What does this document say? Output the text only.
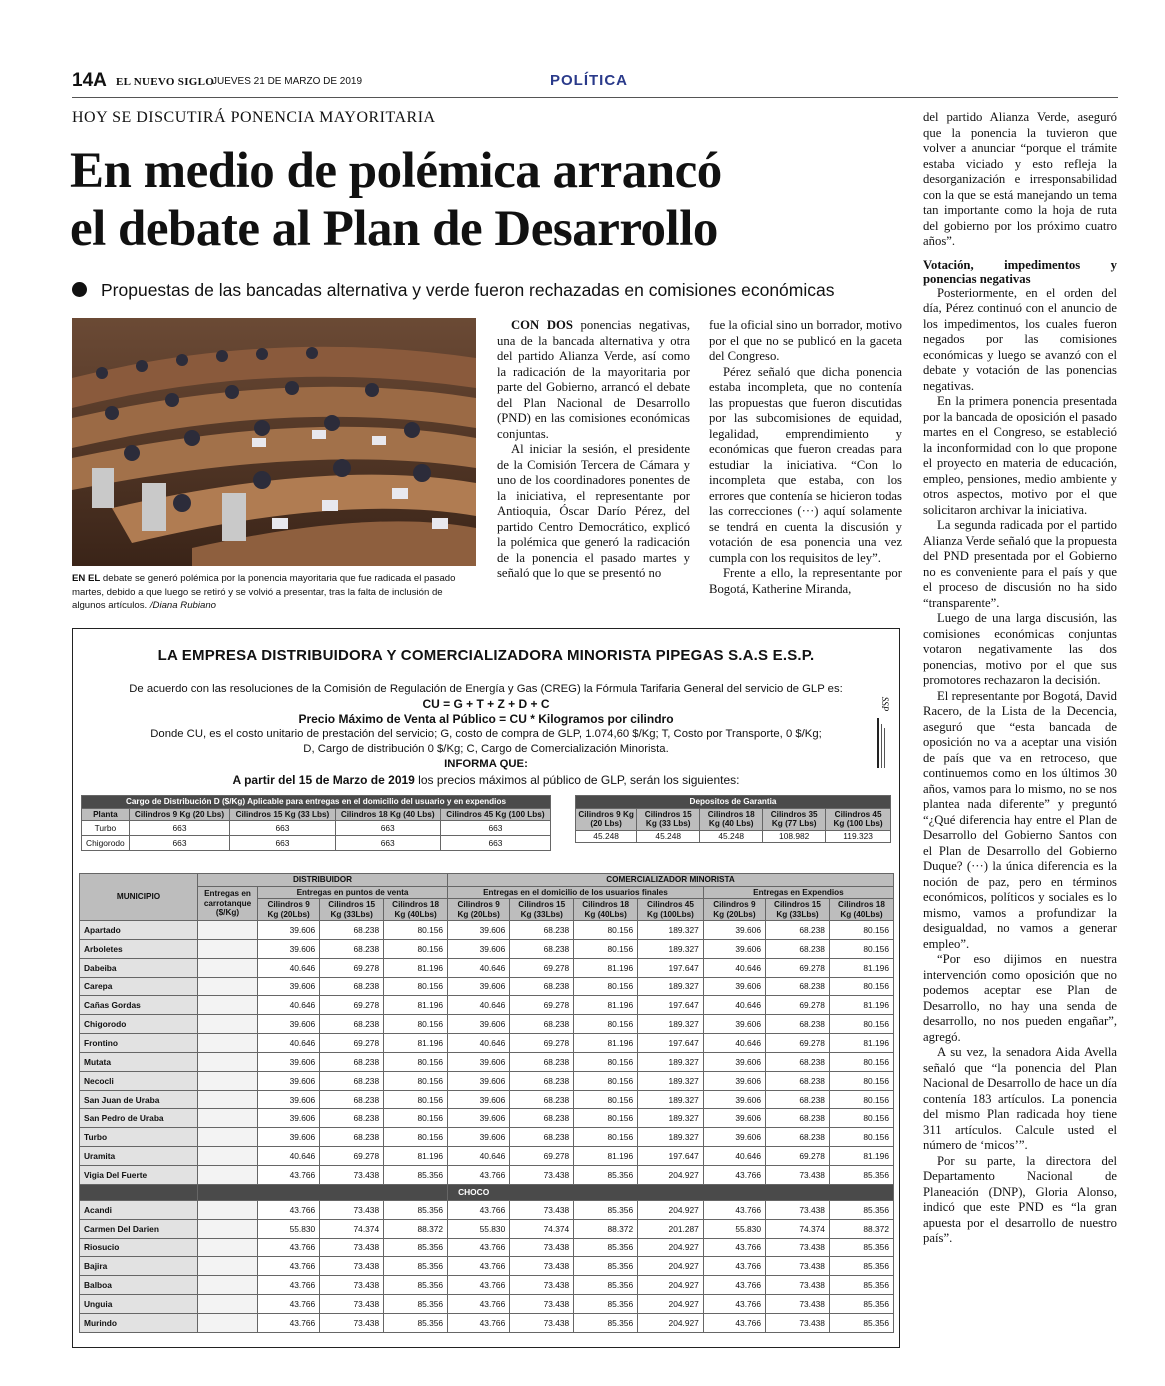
14A EL NUEVO SIGLO
JUEVES 21 DE MARZO DE 2019	POLÍTICA
HOY SE DISCUTIRÁ PONENCIA MAYORITARIA
En medio de polémica arrancó
el debate al Plan de Desarrollo
Propuestas de las bancadas alternativa y verde fueron rechazadas en comisiones económicas
EN EL debate se generó polémica por la ponencia mayoritaria que fue radicada el pasado martes, debido a que luego se retiró y se volvió a presentar, tras la falta de inclusión de algunos artículos. /Diana Rubiano

CON DOS ponencias negativas, una de la bancada alternativa y otra del partido Alianza Verde, así como la radicación de la mayoritaria por parte del Gobierno, arrancó el debate del Plan Nacional de Desarrollo (PND) en las comisiones económicas conjuntas.

Al iniciar la sesión, el presidente de la Comisión Tercera de Cámara y uno de los coordinadores ponentes de la iniciativa, el representante por Antioquia, Óscar Darío Pérez, del partido Centro Democrático, explicó la polémica que generó la radicación de la ponencia el pasado martes y señaló que lo que se presentó no

fue la oficial sino un borrador, motivo por el que no se publicó en la gaceta del Congreso.

Pérez señaló que dicha ponencia estaba incompleta, que no contenía las propuestas que fueron discutidas por las subcomisiones de equidad, legalidad, emprendimiento y económicas que fueron creadas para estudiar la iniciativa. “Con lo incompleta que estaba, con los errores que contenía se hicieron todas las correcciones (···) aquí solamente se tendrá en cuenta la discusión y votación de esa ponencia una vez cumpla con los requisitos de ley”.

Frente a ello, la representante por Bogotá, Katherine Miranda,

del partido Alianza Verde, aseguró que la ponencia la tuvieron que volver a anunciar “porque el trámite estaba viciado y esto refleja la desorganización e irresponsabilidad con la que se está manejando un tema tan importante como la hoja de ruta del gobierno por los próximo cuatro años”.

Votación, impedimentos y ponencias negativas

Posteriormente, en el orden del día, Pérez continuó con el anuncio de los impedimentos, los cuales fueron negados por las comisiones económicas y luego se avanzó con el debate y votación de las ponencias negativas.

En la primera ponencia presentada por la bancada de oposición el pasado martes en el Congreso, se estableció la inconformidad con lo que propone el proyecto en materia de educación, empleo, pensiones, medio ambiente y otros aspectos, motivo por el que solicitaron archivar la iniciativa.

La segunda radicada por el partido Alianza Verde señaló que la propuesta del PND presentada por el Gobierno no es conveniente para el país y que el proceso de discusión no ha sido “transparente”.

Luego de una larga discusión, las comisiones económicas conjuntas votaron negativamente las dos ponencias, motivo por el que sus promotores rechazaron la decisión.

El representante por Bogotá, David Racero, de la Lista de la Decencia, aseguró que “esta bancada de oposición no va a aceptar una visión de país que va en retroceso, que continuemos como en los últimos 30 años, vamos para lo mismo, no se nos plantea nada diferente” y preguntó “¿Qué diferencia hay entre el Plan de Desarrollo del Gobierno Santos con el Plan de Desarrollo del Gobierno Duque? (···) la única diferencia es la noción de paz, pero en términos económicos, políticos y sociales es lo mismo, vamos a profundizar la desigualdad, no vamos a generar empleo”.

“Por eso dijimos en nuestra intervención como oposición que no podemos aceptar ese Plan de Desarrollo, no hay una senda de desarrollo, no nos pueden engañar”, agregó.

A su vez, la senadora Aida Avella señaló que “la ponencia del Plan Nacional de Desarrollo de hace un día contenía 183 artículos. La ponencia del mismo Plan radicada hoy tiene 311 artículos. Calcule usted el número de ‘micos’”.

Por su parte, la directora del Departamento Nacional de Planeación (DNP), Gloria Alonso, indicó que este PND es “la gran apuesta por el desarrollo de nuestro país”.

LA EMPRESA DISTRIBUIDORA Y COMERCIALIZADORA MINORISTA PIPEGAS S.A.S E.S.P.
De acuerdo con las resoluciones de la Comisión de Regulación de Energía y Gas (CREG) la Fórmula Tarifaria General del servicio de GLP es:
CU = G + T + Z + D + C
Precio Máximo de Venta al Público = CU * Kilogramos por cilindro
Donde CU, es el costo unitario de prestación del servicio; G, costo de compra de GLP, 1.074,60 $/Kg; T, Costo por Transporte, 0 $/Kg;
D, Cargo de distribución 0 $/Kg; C, Cargo de Comercialización Minorista.
INFORMA QUE:
A partir del 15 de Marzo de 2019 los precios máximos al público de GLP, serán los siguientes:
SSP
Cargo de Distribución D ($/Kg) Aplicable para entregas en el domicilio del usuario y en expendios				
Planta	Cilindros 9 Kg (20 Lbs)	Cilindros 15 Kg (33 Lbs)	Cilindros 18 Kg (40 Lbs)	Cilindros 45 Kg (100 Lbs)
Turbo	663	663	663	663
Chigorodo	663	663	663	663
Depositos de Garantia				
Cilindros 9 Kg (20 Lbs)	Cilindros 15 Kg (33 Lbs)	Cilindros 18 Kg (40 Lbs)	Cilindros 35 Kg (77 Lbs)	Cilindros 45 Kg (100 Lbs)
45.248	45.248	45.248	108.982	119.323
MUNICIPIO	DISTRIBUIDOR				COMERCIALIZADOR MINORISTA						
	Entregas en carrotanque ($/Kg)	Entregas en puntos de venta			Entregas en el domicilio de los usuarios finales				Entregas en Expendios		
		Cilindros 9 Kg (20Lbs)	Cilindros 15 Kg (33Lbs)	Cilindros 18 Kg (40Lbs)	Cilindros 9 Kg (20Lbs)	Cilindros 15 Kg (33Lbs)	Cilindros 18 Kg (40Lbs)	Cilindros 45 Kg (100Lbs)	Cilindros 9 Kg (20Lbs)	Cilindros 15 Kg (33Lbs)	Cilindros 18 Kg (40Lbs)
Apartado		39.606	68.238	80.156	39.606	68.238	80.156	189.327	39.606	68.238	80.156
Arboletes		39.606	68.238	80.156	39.606	68.238	80.156	189.327	39.606	68.238	80.156
Dabeiba		40.646	69.278	81.196	40.646	69.278	81.196	197.647	40.646	69.278	81.196
Carepa		39.606	68.238	80.156	39.606	68.238	80.156	189.327	39.606	68.238	80.156
Cañas Gordas		40.646	69.278	81.196	40.646	69.278	81.196	197.647	40.646	69.278	81.196
Chigorodo		39.606	68.238	80.156	39.606	68.238	80.156	189.327	39.606	68.238	80.156
Frontino		40.646	69.278	81.196	40.646	69.278	81.196	197.647	40.646	69.278	81.196
Mutata		39.606	68.238	80.156	39.606	68.238	80.156	189.327	39.606	68.238	80.156
Necocli		39.606	68.238	80.156	39.606	68.238	80.156	189.327	39.606	68.238	80.156
San Juan de Uraba		39.606	68.238	80.156	39.606	68.238	80.156	189.327	39.606	68.238	80.156
San Pedro de Uraba		39.606	68.238	80.156	39.606	68.238	80.156	189.327	39.606	68.238	80.156
Turbo		39.606	68.238	80.156	39.606	68.238	80.156	189.327	39.606	68.238	80.156
Uramita		40.646	69.278	81.196	40.646	69.278	81.196	197.647	40.646	69.278	81.196
Vigia Del Fuerte		43.766	73.438	85.356	43.766	73.438	85.356	204.927	43.766	73.438	85.356
					CHOCO						
Acandi		43.766	73.438	85.356	43.766	73.438	85.356	204.927	43.766	73.438	85.356
Carmen Del Darien		55.830	74.374	88.372	55.830	74.374	88.372	201.287	55.830	74.374	88.372
Riosucio		43.766	73.438	85.356	43.766	73.438	85.356	204.927	43.766	73.438	85.356
Bajira		43.766	73.438	85.356	43.766	73.438	85.356	204.927	43.766	73.438	85.356
Balboa		43.766	73.438	85.356	43.766	73.438	85.356	204.927	43.766	73.438	85.356
Unguia		43.766	73.438	85.356	43.766	73.438	85.356	204.927	43.766	73.438	85.356
Murindo		43.766	73.438	85.356	43.766	73.438	85.356	204.927	43.766	73.438	85.356
